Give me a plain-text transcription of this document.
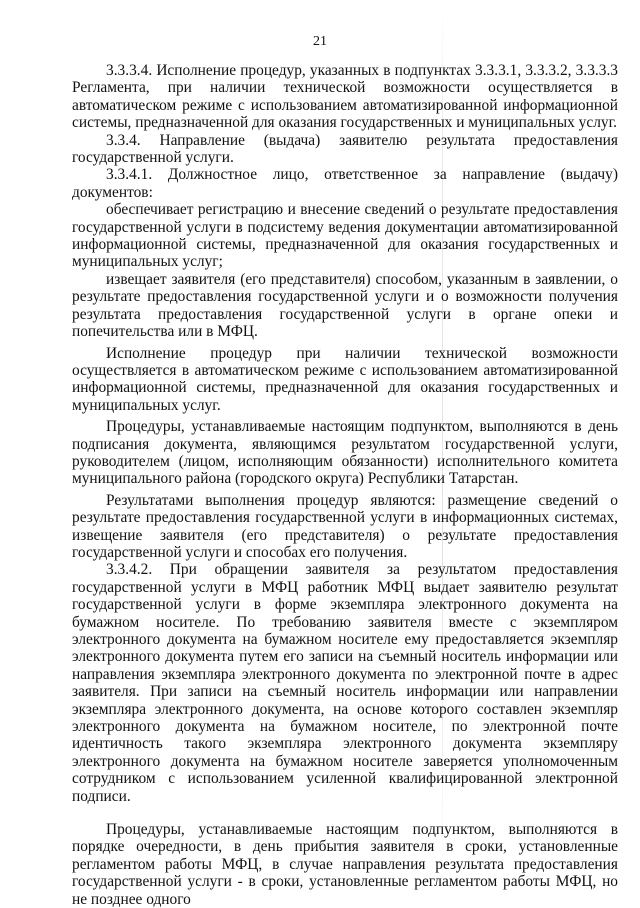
21

3.3.3.4. Исполнение процедур, указанных в подпунктах 3.3.3.1, 3.3.3.2, 3.3.3.3 Регламента, при наличии технической возможности осуществляется в автоматическом режиме с использованием автоматизированной информационной системы, предназначенной для оказания государственных и муниципальных услуг.

3.3.4. Направление (выдача) заявителю результата предоставления государственной услуги.

3.3.4.1. Должностное лицо, ответственное за направление (выдачу) документов:

обеспечивает регистрацию и внесение сведений о результате предоставления государственной услуги в подсистему ведения документации автоматизированной информационной системы, предназначенной для оказания государственных и муниципальных услуг;

извещает заявителя (его представителя) способом, указанным в заявлении, о результате предоставления государственной услуги и о возможности получения результата предоставления государственной услуги в органе опеки и попечительства или в МФЦ.

Исполнение процедур при наличии технической возможности осуществляется в автоматическом режиме с использованием автоматизированной информационной системы, предназначенной для оказания государственных и муниципальных услуг.

Процедуры, устанавливаемые настоящим подпунктом, выполняются в день подписания документа, являющимся результатом государственной услуги, руководителем (лицом, исполняющим обязанности) исполнительного комитета муниципального района (городского округа) Республики Татарстан.

Результатами выполнения процедур являются: размещение сведений о результате предоставления государственной услуги в информационных системах, извещение заявителя (его представителя) о результате предоставления государственной услуги и способах его получения.

3.3.4.2. При обращении заявителя за результатом предоставления государственной услуги в МФЦ работник МФЦ выдает заявителю результат государственной услуги в форме экземпляра электронного документа на бумажном носителе. По требованию заявителя вместе с экземпляром электронного документа на бумажном носителе ему предоставляется экземпляр электронного документа путем его записи на съемный носитель информации или направления экземпляра электронного документа по электронной почте в адрес заявителя. При записи на съемный носитель информации или направлении экземпляра электронного документа, на основе которого составлен экземпляр электронного документа на бумажном носителе, по электронной почте идентичность такого экземпляра электронного документа экземпляру электронного документа на бумажном носителе заверяется уполномоченным сотрудником с использованием усиленной квалифицированной электронной подписи.

Процедуры, устанавливаемые настоящим подпунктом, выполняются в порядке очередности, в день прибытия заявителя в сроки, установленные регламентом работы МФЦ, в случае направления результата предоставления государственной услуги - в сроки, установленные регламентом работы МФЦ, но не позднее одного
